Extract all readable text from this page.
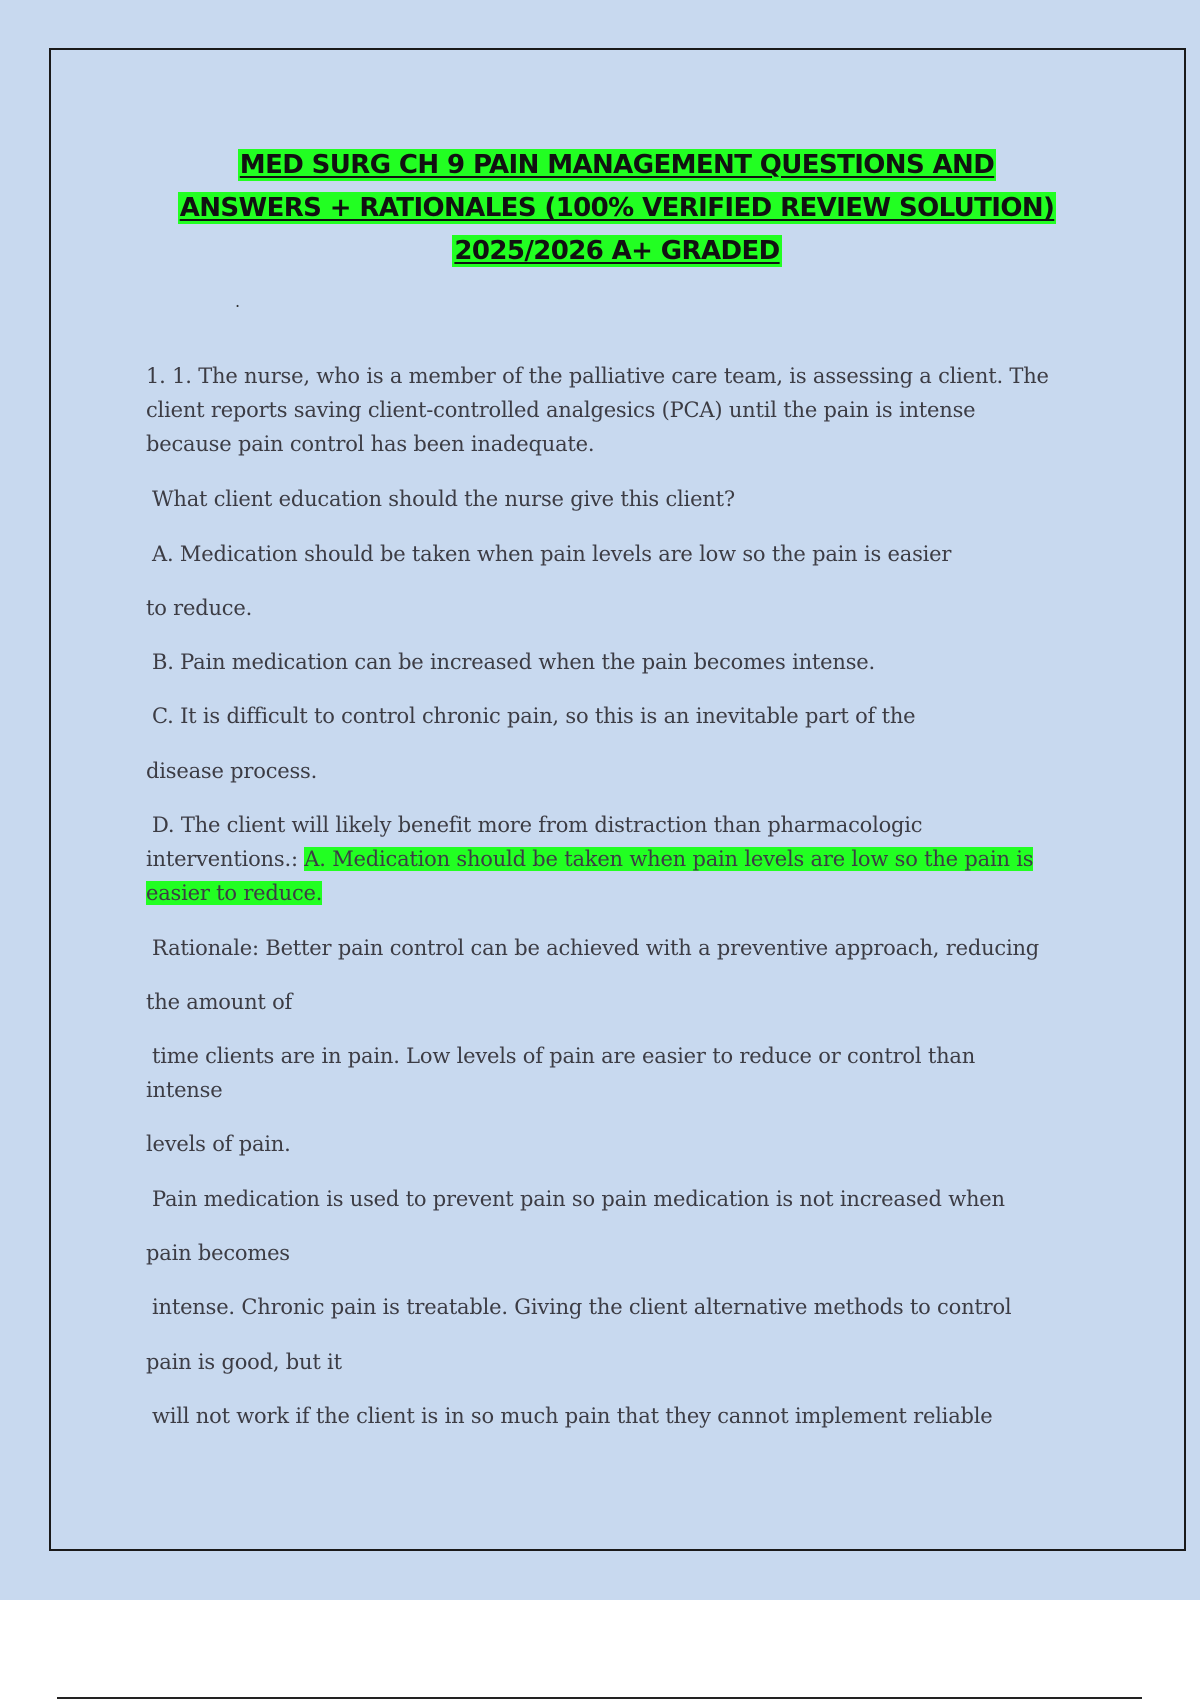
MED SURG CH 9 PAIN MANAGEMENT QUESTIONS AND
ANSWERS + RATIONALES (100% VERIFIED REVIEW SOLUTION)
2025/2026 A+ GRADED
.
1. 1. The nurse, who is a member of the palliative care team, is assessing a client. The
client reports saving client-controlled analgesics (PCA) until the pain is intense
because pain control has been inadequate.
What client education should the nurse give this client?
A. Medication should be taken when pain levels are low so the pain is easier
to reduce.
B. Pain medication can be increased when the pain becomes intense.
C. It is difficult to control chronic pain, so this is an inevitable part of the
disease process.
D. The client will likely benefit more from distraction than pharmacologic
interventions.: A. Medication should be taken when pain levels are low so the pain is
easier to reduce.
Rationale: Better pain control can be achieved with a preventive approach, reducing
the amount of
time clients are in pain. Low levels of pain are easier to reduce or control than
intense
levels of pain.
Pain medication is used to prevent pain so pain medication is not increased when
pain becomes
intense. Chronic pain is treatable. Giving the client alternative methods to control
pain is good, but it
will not work if the client is in so much pain that they cannot implement reliable
